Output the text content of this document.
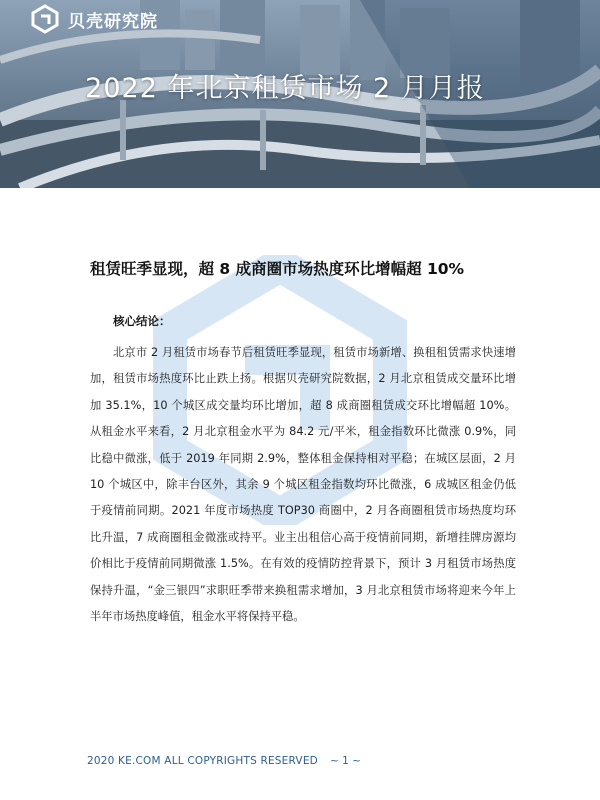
贝壳研究院
2022 年北京租赁市场 2 月月报
租赁旺季显现，超 8 成商圈市场热度环比增幅超 10%
核心结论：
北京市 2 月租赁市场春节后租赁旺季显现，租赁市场新增、换租租赁需求快速增加，租赁市场热度环比止跌上扬。根据贝壳研究院数据，2 月北京租赁成交量环比增加 35.1%，10 个城区成交量均环比增加，超 8 成商圈租赁成交环比增幅超 10%。从租金水平来看，2 月北京租金水平为 84.2 元/平米，租金指数环比微涨 0.9%，同比稳中微涨，低于 2019 年同期 2.9%，整体租金保持相对平稳；在城区层面，2 月 10 个城区中，除丰台区外，其余 9 个城区租金指数均环比微涨，6 成城区租金仍低于疫情前同期。2021 年度市场热度 TOP30 商圈中，2 月各商圈租赁市场热度均环比升温，7 成商圈租金微涨或持平。业主出租信心高于疫情前同期，新增挂牌房源均价相比于疫情前同期微涨 1.5%。在有效的疫情防控背景下，预计 3 月租赁市场热度保持升温，“金三银四”求职旺季带来换租需求增加，3 月北京租赁市场将迎来今年上半年市场热度峰值，租金水平将保持平稳。
2020 KE.COM ALL COPYRIGHTS RESERVED ~ 1 ~
